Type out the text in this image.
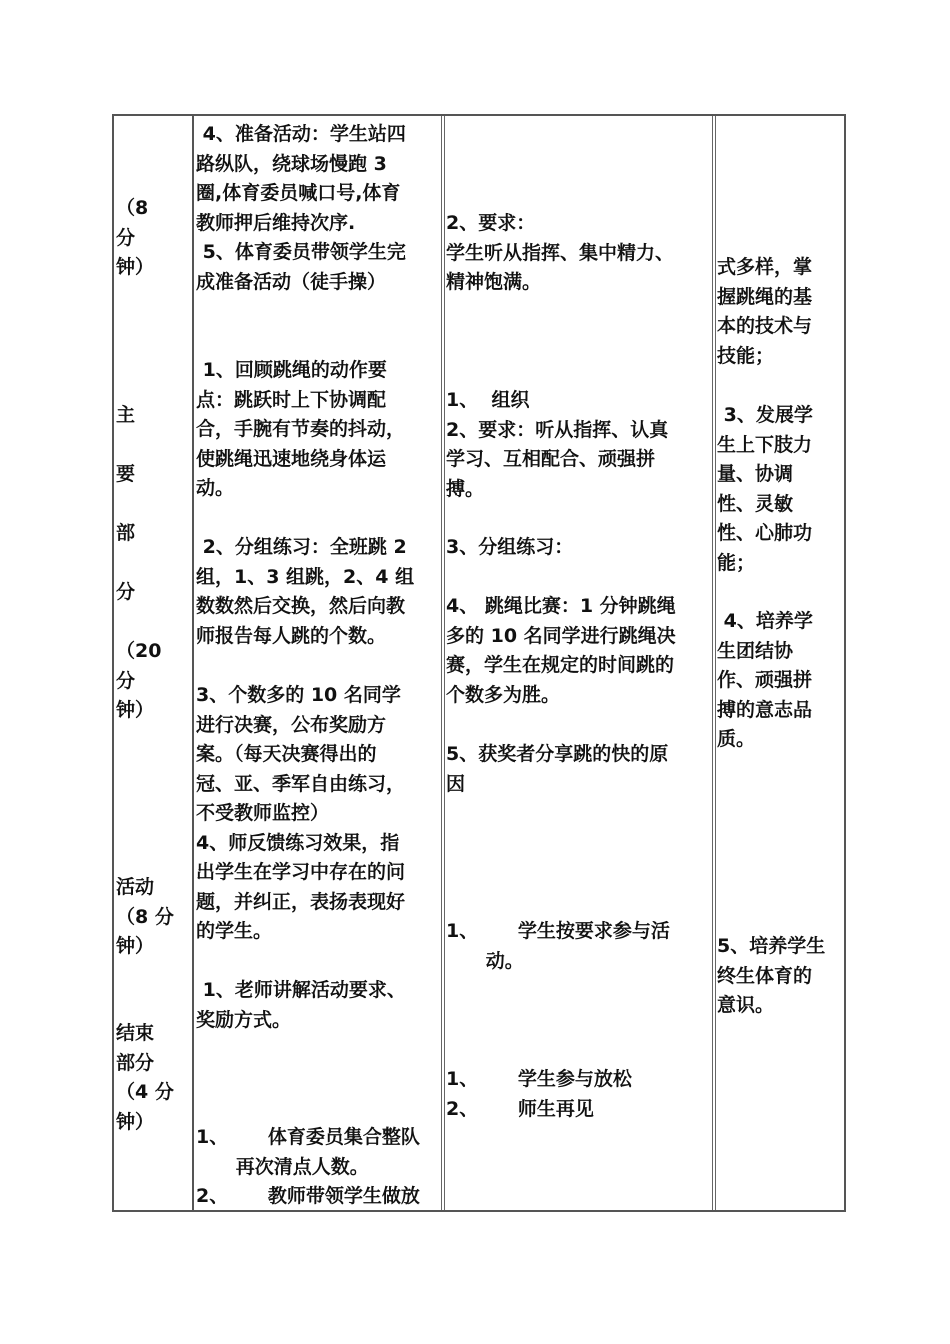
（8
分
钟）
主
要
部
分
（20
分
钟）
活动
（8 分
钟）
结束
部分
（4 分
钟）
4、准备活动：学生站四
路纵队，绕球场慢跑 3
圈,体育委员喊口号,体育
教师押后维持次序.
5、体育委员带领学生完
成准备活动（徒手操）
1、回顾跳绳的动作要
点：跳跃时上下协调配
合，手腕有节奏的抖动，
使跳绳迅速地绕身体运
动。
2、分组练习：全班跳 2
组，1、3 组跳，2、4 组
数数然后交换，然后向教
师报告每人跳的个数。
3、个数多的 10 名同学
进行决赛，公布奖励方
案。（每天决赛得出的
冠、亚、季军自由练习，
不受教师监控）
4、师反馈练习效果，指
出学生在学习中存在的问
题，并纠正，表扬表现好
的学生。
1、老师讲解活动要求、
奖励方式。
1、      体育委员集合整队
再次清点人数。
2、      教师带领学生做放
2、要求：
学生听从指挥、集中精力、
精神饱满。
1、  组织
2、要求：听从指挥、认真
学习、互相配合、顽强拼
搏。
3、分组练习：
4、 跳绳比赛：1 分钟跳绳
多的 10 名同学进行跳绳决
赛，学生在规定的时间跳的
个数多为胜。
5、获奖者分享跳的快的原
因
1、      学生按要求参与活
动。
1、      学生参与放松
2、      师生再见
式多样，掌
握跳绳的基
本的技术与
技能；
3、发展学
生上下肢力
量、协调
性、灵敏
性、心肺功
能；
4、培养学
生团结协
作、顽强拼
搏的意志品
质。
5、培养学生
终生体育的
意识。
